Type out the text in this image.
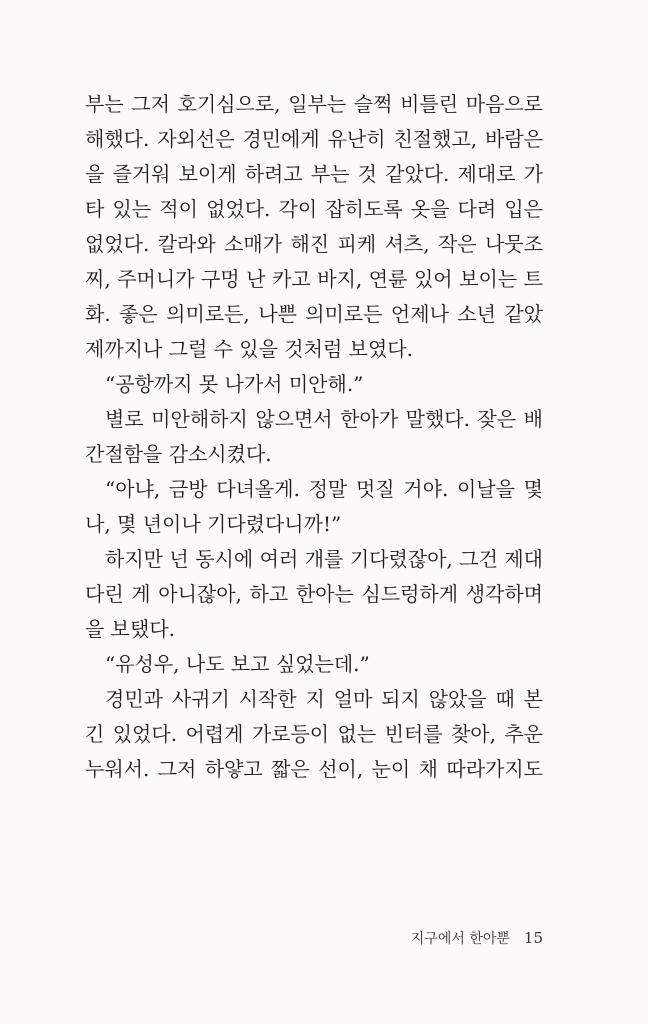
부는 그저 호기심으로, 일부는 슬쩍 비틀린 마음으로
해했다. 자외선은 경민에게 유난히 친절했고, 바람은
을 즐거워 보이게 하려고 부는 것 같았다. 제대로 가
타 있는 적이 없었다. 각이 잡히도록 옷을 다려 입은
없었다. 칼라와 소매가 해진 피케 셔츠, 작은 나뭇조
찌, 주머니가 구멍 난 카고 바지, 연륜 있어 보이는 트
화. 좋은 의미로든, 나쁜 의미로든 언제나 소년 같았
제까지나 그럴 수 있을 것처럼 보였다.
“공항까지 못 나가서 미안해.”
별로 미안해하지 않으면서 한아가 말했다. 잦은 배
간절함을 감소시켰다.
“아냐, 금방 다녀올게. 정말 멋질 거야. 이날을 몇
나, 몇 년이나 기다렸다니까!”
하지만 넌 동시에 여러 개를 기다렸잖아, 그건 제대
다린 게 아니잖아, 하고 한아는 심드렁하게 생각하며
을 보탰다.
“유성우, 나도 보고 싶었는데.”
경민과 사귀기 시작한 지 얼마 되지 않았을 때 본
긴 있었다. 어렵게 가로등이 없는 빈터를 찾아, 추운
누워서. 그저 하얗고 짧은 선이, 눈이 채 따라가지도
지구에서 한아뿐 15
